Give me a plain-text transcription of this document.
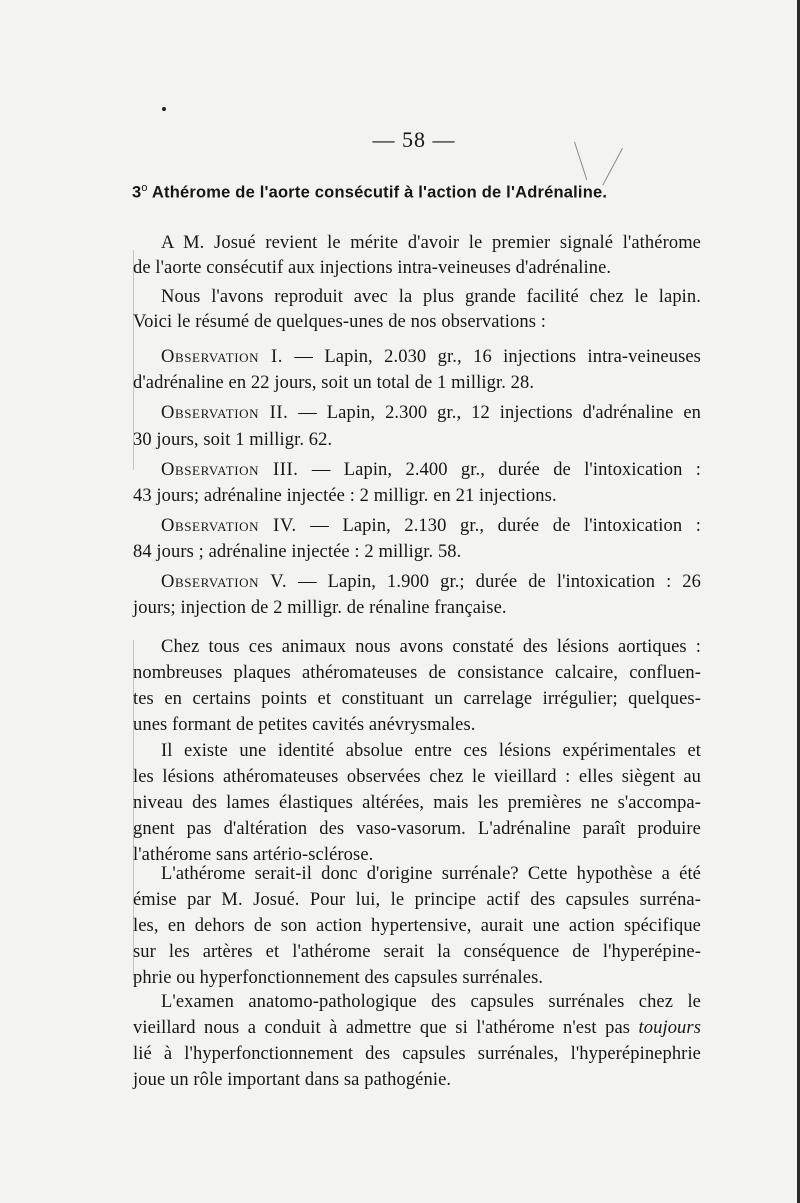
— 58 —
3$^o$ Athérome de l'aorte consécutif à l'action de l'Adrénaline.
A M. Josué revient le mérite d'avoir le premier signalé l'athérome
de l'aorte consécutif aux injections intra-veineuses d'adrénaline.
Nous l'avons reproduit avec la plus grande facilité chez le lapin.
Voici le résumé de quelques-unes de nos observations :
Observation I. — Lapin, 2.030 gr., 16 injections intra-veineuses
d'adrénaline en 22 jours, soit un total de 1 milligr. 28.
Observation II. — Lapin, 2.300 gr., 12 injections d'adrénaline en
30 jours, soit 1 milligr. 62.
Observation III. — Lapin, 2.400 gr., durée de l'intoxication :
43 jours; adrénaline injectée : 2 milligr. en 21 injections.
Observation IV. — Lapin, 2.130 gr., durée de l'intoxication :
84 jours ; adrénaline injectée : 2 milligr. 58.
Observation V. — Lapin, 1.900 gr.; durée de l'intoxication : 26
jours; injection de 2 milligr. de rénaline française.
Chez tous ces animaux nous avons constaté des lésions aortiques :
nombreuses plaques athéromateuses de consistance calcaire, confluen-
tes en certains points et constituant un carrelage irrégulier; quelques-
unes formant de petites cavités anévrysmales.
Il existe une identité absolue entre ces lésions expérimentales et
les lésions athéromateuses observées chez le vieillard : elles siègent au
niveau des lames élastiques altérées, mais les premières ne s'accompa-
gnent pas d'altération des vaso-vasorum. L'adrénaline paraît produire
l'athérome sans artério-sclérose.
L'athérome serait-il donc d'origine surrénale? Cette hypothèse a été
émise par M. Josué. Pour lui, le principe actif des capsules surréna-
les, en dehors de son action hypertensive, aurait une action spécifique
sur les artères et l'athérome serait la conséquence de l'hyperépine-
phrie ou hyperfonctionnement des capsules surrénales.
L'examen anatomo-pathologique des capsules surrénales chez le
vieillard nous a conduit à admettre que si l'athérome n'est pas toujours
lié à l'hyperfonctionnement des capsules surrénales, l'hyperépinephrie
joue un rôle important dans sa pathogénie.
